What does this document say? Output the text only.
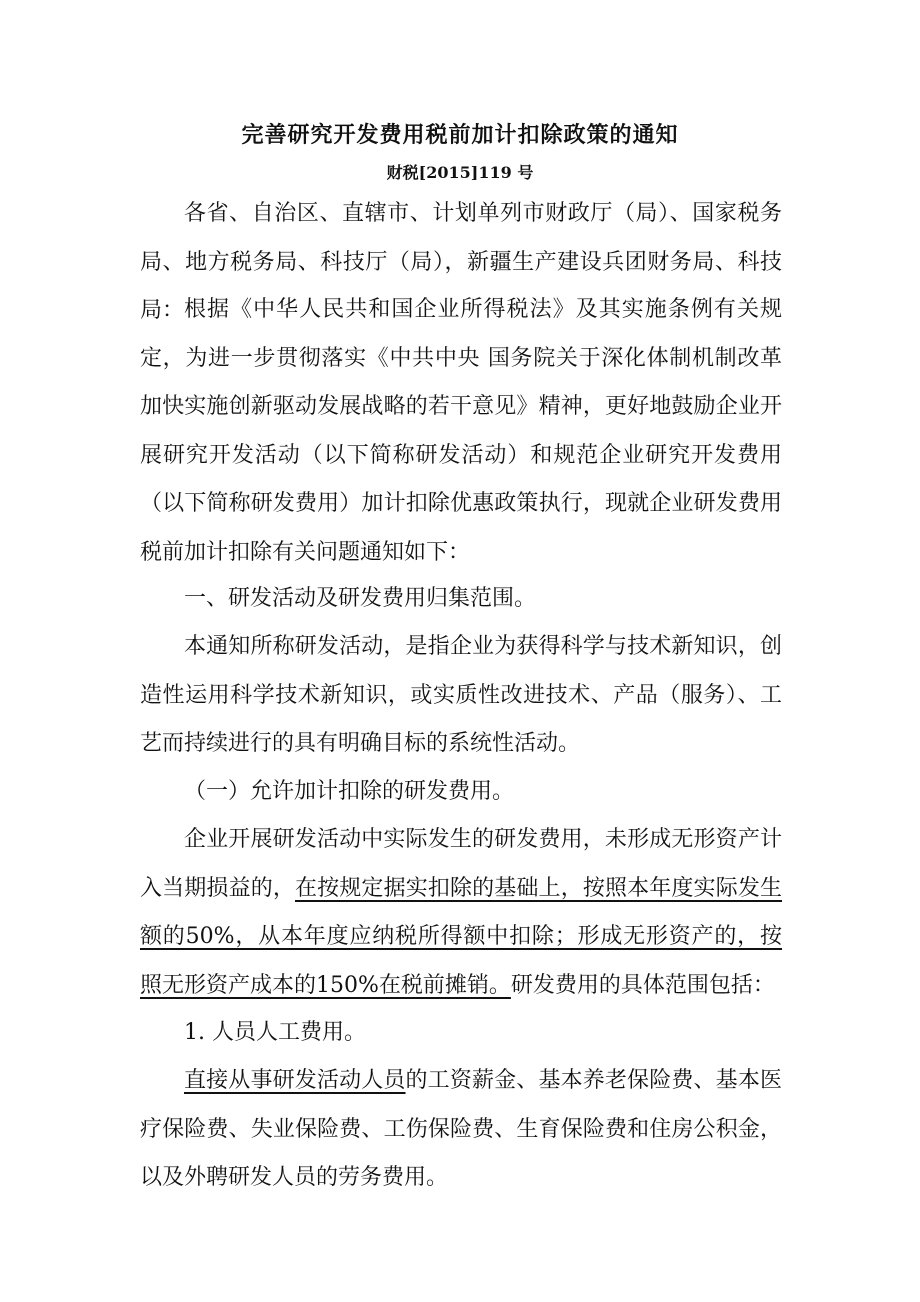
完善研究开发费用税前加计扣除政策的通知
财税[2015]119 号

各省、自治区、直辖市、计划单列市财政厅（局）、国家税务局、地方税务局、科技厅（局），新疆生产建设兵团财务局、科技局： 根据《中华人民共和国企业所得税法》及其实施条例有关规定，为进一步贯彻落实《中共中央 国务院关于深化体制机制改革加快实施创新驱动发展战略的若干意见》精神，更好地鼓励企业开展研究开发活动（以下简称研发活动）和规范企业研究开发费用（以下简称研发费用）加计扣除优惠政策执行，现就企业研发费用税前加计扣除有关问题通知如下：

一、研发活动及研发费用归集范围。

本通知所称研发活动，是指企业为获得科学与技术新知识，创造性运用科学技术新知识，或实质性改进技术、产品（服务）、工艺而持续进行的具有明确目标的系统性活动。

（一）允许加计扣除的研发费用。

企业开展研发活动中实际发生的研发费用，未形成无形资产计入当期损益的，在按规定据实扣除的基础上，按照本年度实际发生额的50%，从本年度应纳税所得额中扣除；形成无形资产的，按照无形资产成本的150%在税前摊销。研发费用的具体范围包括：

1. 人员人工费用。

直接从事研发活动人员的工资薪金、基本养老保险费、基本医疗保险费、失业保险费、工伤保险费、生育保险费和住房公积金，以及外聘研发人员的劳务费用。
